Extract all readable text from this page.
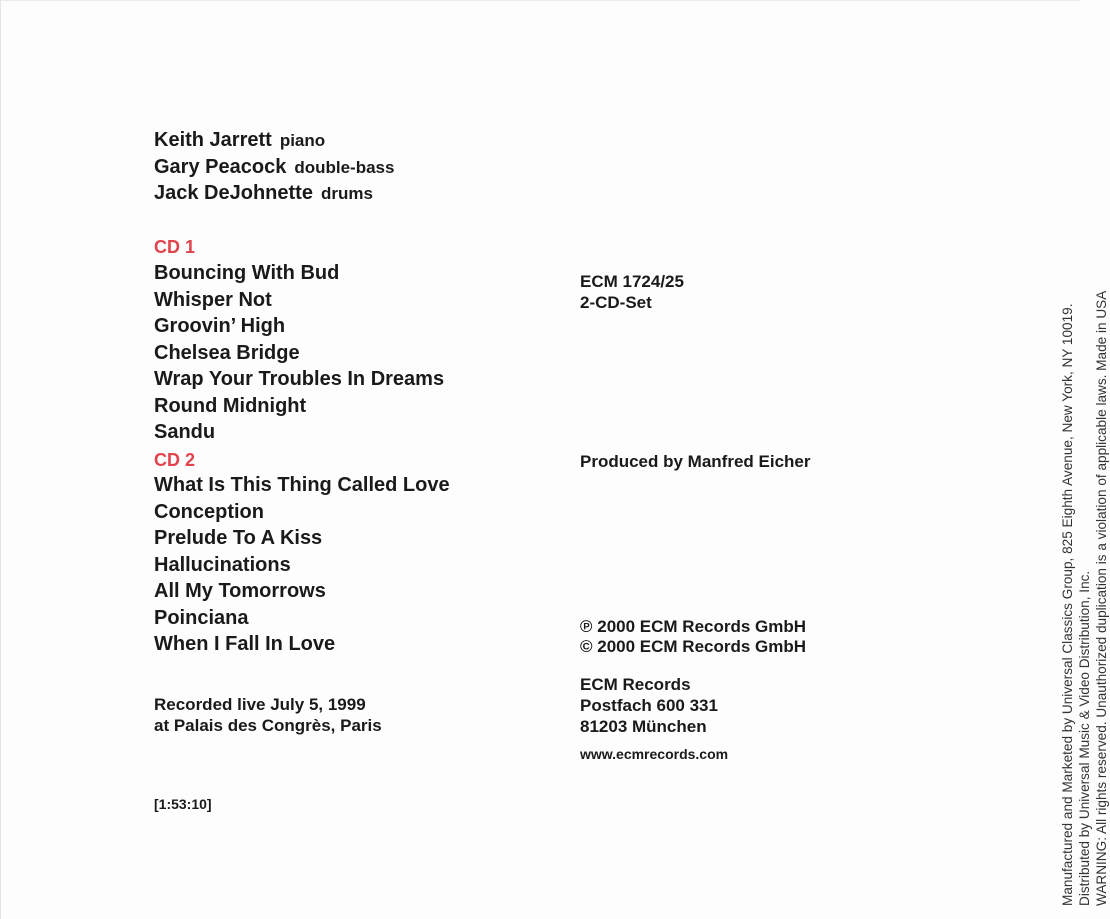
Keith Jarrett piano
Gary Peacock double-bass
Jack DeJohnette drums
CD 1
Bouncing With Bud
Whisper Not
Groovin’ High
Chelsea Bridge
Wrap Your Troubles In Dreams
Round Midnight
Sandu
CD 2
What Is This Thing Called Love
Conception
Prelude To A Kiss
Hallucinations
All My Tomorrows
Poinciana
When I Fall In Love
Recorded live July 5, 1999
at Palais des Congrès, Paris
[1:53:10]
ECM 1724/25
2-CD-Set
Produced by Manfred Eicher
℗ 2000 ECM Records GmbH
© 2000 ECM Records GmbH
ECM Records
Postfach 600 331
81203 München
www.ecmrecords.com	Manufactured and Marketed by Universal Classics Group, 825 Eighth Avenue, New York, NY 10019. Distributed by Universal Music & Video Distribution, Inc. WARNING: All rights reserved. Unauthorized duplication is a violation of applicable laws. Made in USA
